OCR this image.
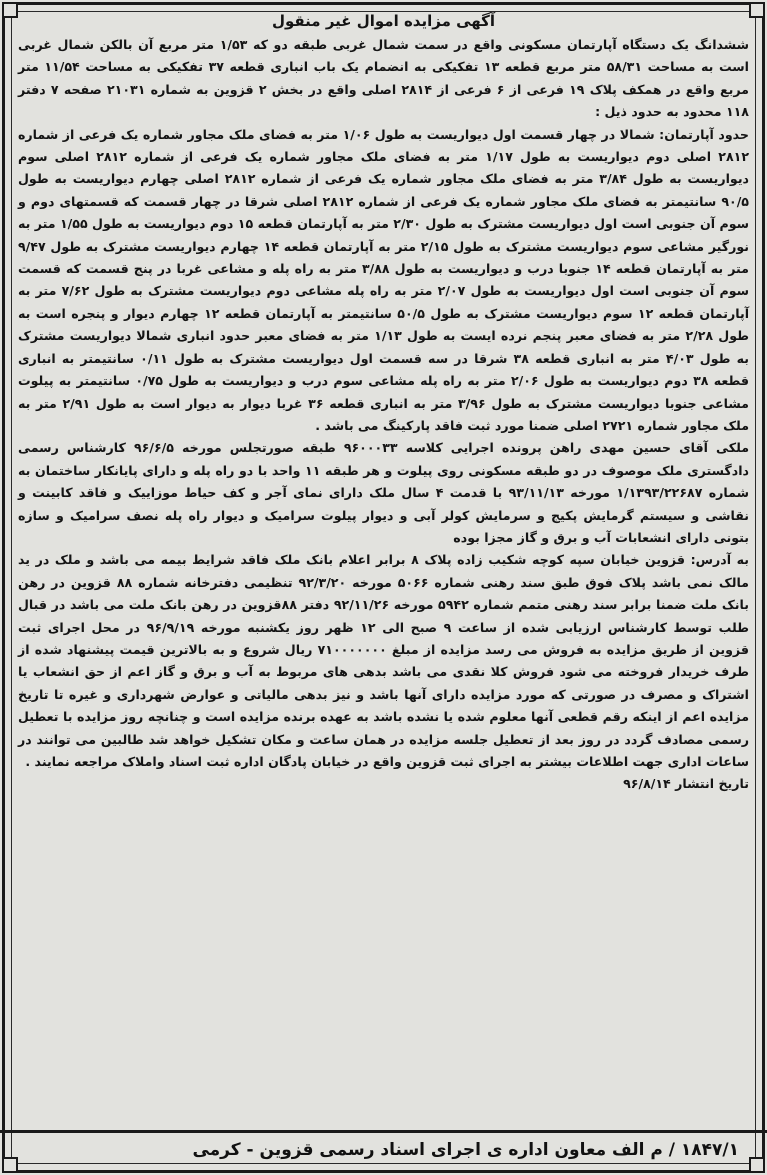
آگهی مزایده اموال غیر منقول

ششدانگ یک دستگاه آپارتمان مسکونی واقع در سمت شمال غربی طبقه دو که ۱/۵۳ متر مربع آن بالکن شمال غربی است به مساحت ۵۸/۳۱ متر مربع قطعه ۱۳ تفکیکی به انضمام یک باب انباری قطعه ۳۷ تفکیکی به مساحت ۱۱/۵۴ متر مربع واقع در همکف پلاک ۱۹ فرعی از ۶ فرعی از ۲۸۱۴ اصلی واقع در بخش ۲ قزوین به شماره ۲۱۰۳۱ صفحه ۷ دفتر ۱۱۸ محدود به حدود ذیل :

حدود آپارتمان: شمالا در چهار قسمت اول دیواریست به طول ۱/۰۶ متر به فضای ملک مجاور شماره یک فرعی از شماره ۲۸۱۲ اصلی دوم دیواریست به طول ۱/۱۷ متر به فضای ملک مجاور شماره یک فرعی از شماره ۲۸۱۲ اصلی سوم دیواریست به طول ۳/۸۴ متر به فضای ملک مجاور شماره یک فرعی از شماره ۲۸۱۲ اصلی چهارم دیواریست به طول ۹۰/۵ سانتیمتر به فضای ملک مجاور شماره یک فرعی از شماره ۲۸۱۲ اصلی شرقا در چهار قسمت که قسمتهای دوم و سوم آن جنوبی است اول دیواریست مشترک به طول ۲/۳۰ متر به آپارتمان قطعه ۱۵ دوم دیواریست به طول ۱/۵۵ متر به نورگیر مشاعی سوم دیواریست مشترک به طول ۲/۱۵ متر به آپارتمان قطعه ۱۴ چهارم دیواریست مشترک به طول ۹/۴۷ متر به آپارتمان قطعه ۱۴ جنوبا درب و دیواریست به طول ۳/۸۸ متر به راه پله و مشاعی غربا در پنج قسمت که قسمت سوم آن جنوبی است اول دیواریست به طول ۲/۰۷ متر به راه پله مشاعی دوم دیواریست مشترک به طول ۷/۶۲ متر به آپارتمان قطعه ۱۲ سوم دیواریست مشترک به طول ۵۰/۵ سانتیمتر به آپارتمان قطعه ۱۲ چهارم دیوار و پنجره است به طول ۲/۲۸ متر به فضای معبر پنجم نرده ایست به طول ۱/۱۳ متر به فضای معبر حدود انباری شمالا دیواریست مشترک به طول ۴/۰۳ متر به انباری قطعه ۳۸ شرقا در سه قسمت اول دیواریست مشترک به طول ۰/۱۱ سانتیمتر به انباری قطعه ۳۸ دوم دیواریست به طول ۲/۰۶ متر به راه پله مشاعی سوم درب و دیواریست به طول ۰/۷۵ سانتیمتر به پیلوت مشاعی جنوبا دیواریست مشترک به طول ۳/۹۶ متر به انباری قطعه ۳۶ غربا دیوار به دیوار است به طول ۲/۹۱ متر به ملک مجاور شماره ۲۷۲۱ اصلی ضمنا مورد ثبت فاقد پارکینگ می باشد .

ملکی آقای حسین مهدی راهن پرونده اجرایی کلاسه ۹۶۰۰۰۳۳ طبقه صورتجلس مورخه ۹۶/۶/۵ کارشناس رسمی دادگستری ملک موصوف در دو طبقه مسکونی روی پیلوت و هر طبقه ۱۱ واحد با دو راه پله و دارای پایانکار ساختمان به شماره ۱/۱۳۹۳/۲۲۶۸۷ مورخه ۹۳/۱۱/۱۳ با قدمت ۴ سال ملک دارای نمای آجر و کف حیاط موزاییک و فاقد کابینت و نقاشی و سیستم گرمایش پکیج و سرمایش کولر آبی و دیوار پیلوت سرامیک و دیوار راه پله نصف سرامیک و سازه بتونی دارای انشعابات آب و برق و گاز مجزا بوده

به آدرس: قزوین خیابان سپه کوچه شکیب زاده پلاک ۸ برابر اعلام بانک ملک فاقد شرایط بیمه می باشد و ملک در ید مالک نمی باشد پلاک فوق طبق سند رهنی شماره ۵۰۶۶ مورخه ۹۲/۳/۲۰ تنظیمی دفترخانه شماره ۸۸ قزوین در رهن بانک ملت ضمنا برابر سند رهنی متمم شماره ۵۹۴۲ مورخه ۹۲/۱۱/۲۶ دفتر ۸۸قزوین در رهن بانک ملت می باشد در قبال طلب توسط کارشناس ارزیابی شده از ساعت ۹ صبح الی ۱۲ ظهر روز یکشنبه مورخه ۹۶/۹/۱۹ در محل اجرای ثبت قزوین از طریق مزایده به فروش می رسد مزایده از مبلغ ۷۱۰۰۰۰۰۰۰ ریال شروع و به بالاترین قیمت پیشنهاد شده از طرف خریدار فروخته می شود فروش کلا نقدی می باشد بدهی های مربوط به آب و برق و گاز اعم از حق انشعاب یا اشتراک و مصرف در صورتی که مورد مزایده دارای آنها باشد و نیز بدهی مالیاتی و عوارض شهرداری و غیره تا تاریخ مزایده اعم از اینکه رقم قطعی آنها معلوم شده یا نشده باشد به عهده برنده مزایده است و چنانچه روز مزایده با تعطیل رسمی مصادف گردد در روز بعد از تعطیل جلسه مزایده در همان ساعت و مکان تشکیل خواهد شد طالبین می توانند در ساعات اداری جهت اطلاعات بیشتر به اجرای ثبت قزوین واقع در خیابان پادگان اداره ثبت اسناد واملاک مراجعه نمایند .

تاریخ انتشار ۹۶/۸/۱۴
۱۸۴۷/۱ / م الف معاون اداره ی اجرای اسناد رسمی قزوین - کرمی
